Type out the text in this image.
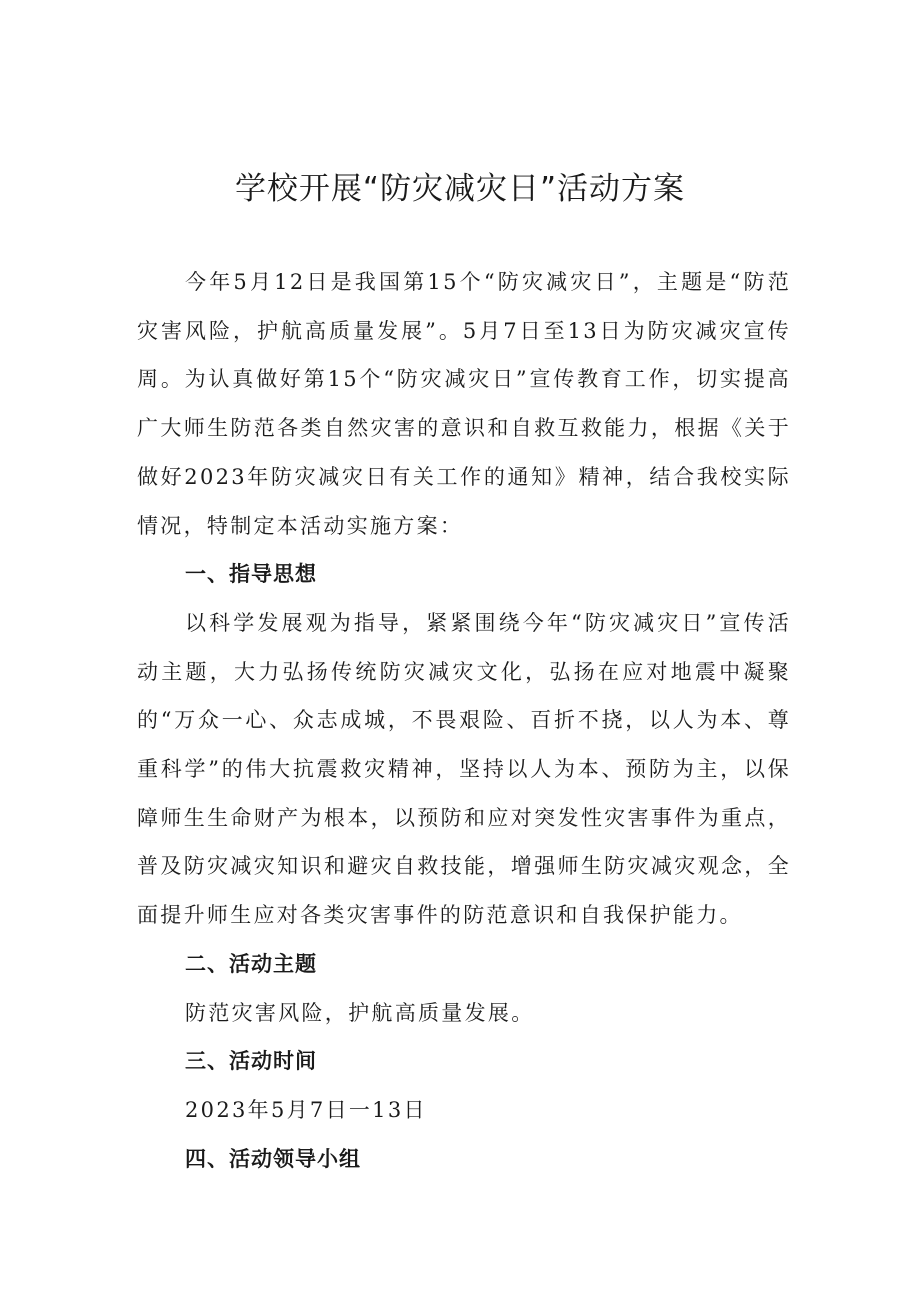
学校开展“防灾减灾日”活动方案

今年5月12日是我国第15个“防灾减灾日”，主题是“防范灾害风险，护航高质量发展”。5月7日至13日为防灾减灾宣传周。为认真做好第15个“防灾减灾日”宣传教育工作，切实提高广大师生防范各类自然灾害的意识和自救互救能力，根据《关于做好2023年防灾减灾日有关工作的通知》精神，结合我校实际情况，特制定本活动实施方案：

一、指导思想

以科学发展观为指导，紧紧围绕今年“防灾减灾日”宣传活动主题，大力弘扬传统防灾减灾文化，弘扬在应对地震中凝聚的“万众一心、众志成城，不畏艰险、百折不挠，以人为本、尊重科学”的伟大抗震救灾精神，坚持以人为本、预防为主，以保障师生生命财产为根本，以预防和应对突发性灾害事件为重点，普及防灾减灾知识和避灾自救技能，增强师生防灾减灾观念，全面提升师生应对各类灾害事件的防范意识和自我保护能力。

二、活动主题

防范灾害风险，护航高质量发展。

三、活动时间

2023年5月7日一13日

四、活动领导小组
